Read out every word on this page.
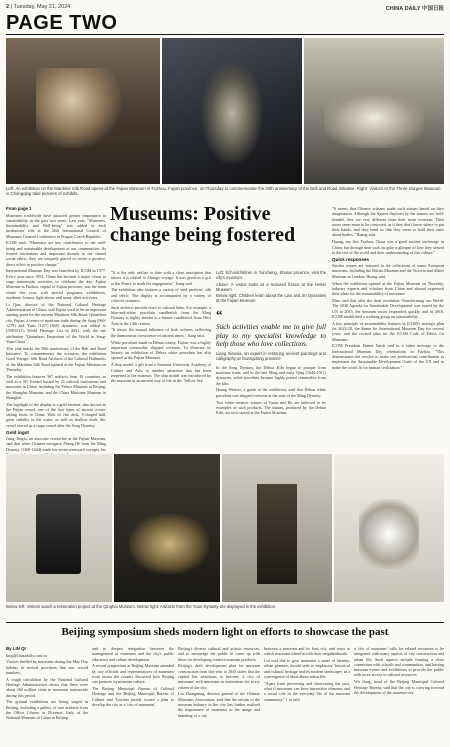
2 | Tuesday, May 21, 2024	CHINA DAILY 中国日报
PAGE TWO
Left: An exhibition on the Maritime Silk Road opens at the Fujian Museum in Fuzhou, Fujian province, on Thursday to commemorate the 30th anniversary of the Belt and Road Initiative. Right: Visitors to the Three Gorges Museum in Chongqing take pictures of exhibits.

From page 1

Museums worldwide have attracted greater importance to sustainability in the past two years. Last year, "Museums, Sustainability and Well-being" was added to each institutions' role at the 26th International Council of Museums General Conference in Prague, Czech Republic.

ICOM said: "Museums are key contributors to the well-being and sustainable development of our communities. As trusted institutions and important threads in our shared social fabric, they are uniquely placed to create a positive, direct effect in positive change."

International Museum Day was launched by ICOM in 1977. Every year since 1992, China has become a major venue to stage nationwide activities to celebrate the day. Fujian Museum in Fuzhou, capital of Fujian province, was the main venue this year, with special programs, exhibitions, academic forums, light shows and many other activities.

Li Qun, director of the National Cultural Heritage Administration of China, said Fujian used to be an important starting point for the ancient Maritime Silk Road. Quanzhou city, Fujian, a center of maritime trade during the Song (960-1279) and Yuan (1271-1368) dynasties, was added to UNESCO's World Heritage List in 2021, with the site attribution "Quanzhou: Emporium of the World in Song-Yuan China".

This year marks the 10th anniversary of the Belt and Road Initiative. To commemorate the occasion, the exhibition Good Voyage: Silk Road Artifacts of the Cultural Hallmarks of the Maritime Silk Road opened at the Fujian Museum on Thursday.

The exhibition features 367 artifacts from 16 countries, as well as a 3D Toward hosted by 21 cultural institutions and museums in China, including the Palace Museum in Beijing, the Shanghai Museum, and the China Maritime Museum in Shanghai.

The highlight of the display is a gold fastener, also known as the Fujian vessel, one of the first types of ancient ocean-sailing boats in China. With its flat deck, V-shaped hull, great stability in the water, as well as shallow draft, this vessel served as a cargo vessel after the Song Dynasty.

Gold ingot

Jiang Tingfa, an associate researcher at the Fujian Museum, said that when Chinese navigator Zheng He from the Ming Dynasty (1368-1644) made his seven westward voyages, his

Museums: Positive change being fostered

"It is the only artifact to date with a clear inscription that shows it is related to Zheng's voyage. It was given as a gift to the Prince to mark his engagement," Jiang said.

The exhibition also features a variety of 'mid-perform', silk and fabric. The display is accompanied by a variety of colorful ceramics.

Such artifacts provide clues to cultural links. For example, a blue-and-white porcelain candlestick from the Ming Dynasty is highly similar to a bronze candlestick from West Asia in the 14th century.

"It shows the mutual influence of both cultures, reflecting the harmonious coexistence of ancient times," Jiang said.

White porcelain made in Dehua county, Fujian, was a highly important commodity shipped overseas. To illustrate its history, an exhibition of Dehua white porcelain has also opened at the Fujian Museum.

A ship model, a gift from a Tanzania University Academy of Culture and Arts, is another attraction that has been reopened at the museum. The ship model was introduced by the museum as an ancient way of life in the 'Yellow Sea'.

Left: Schoolchildren in Yuncheng, Shanxi province, visit the city's museum.

Above: A visitor looks at a restored fresco at the Hebei Museum.

Below right: Children learn about the Liao and Jin Dynasties at the Fujian Museum.

“
Such activities enable me to give full play to my specialist knowledge to help those who love collections.
Liang Xiaoxia, an expert in restoring ancient paintings and calligraphy at Guangdong province

In the Song Dynasty, the Dehua Kiln began to prosper from maritime trade, and in the late Ming and early Qing (1644-1911) dynasties, white porcelain became highly prized commodity from the kiln.

Huang Weiwei, a guide at the exhibition, said that Dehua white porcelain was shipped overseas at the start of the Ming Dynasty.

Two white-ceramic statues of Guan and Bo are believed to be examples of such products. The statues, produced by the Dehua Kiln, are now stored at the Fujian Museum.

"It seems that Chinese artisans made such statues based on their imagination. Although the figures depicted by the statues are bald-headed, they are very different from their main overseas. Their noses seem more to be contorted, as if they don't know where to put their hands, and they bend so that they seem to hold their arms about bodies," Huang said.

Huang, my live Fuzhou, China was a good ancient anchorage in China, but through time took on quite a glimpse of how they sensed to the rest of the world and their understanding of this culture."

Quick responses

Similar scenes are featured in the collections of many European museums, including the British Museum and the Victoria and Albert Museum in London, Huang said.

When the exhibition opened at the Fujian Museum on Thursday, industry experts and scholars from China and abroad expressed their ideas for the sustainability of museums.

Zhao said that after the draft resolution 'Transforming our World: The 2030 Agenda for Sustainable Development' was issued by the UN in 2015, the museum sector responded quickly, and in 2019, ICOM established a working group on sustainability.

A key principle of sustainability features in ICOM's strategic plan for 2022-28, the theme for International Museum Day for several years, and the revised plan for the ICOM Code of Ethics for Museums.

ICOM President Emma Nardi said in a video message to the International Museum Day celebrations in Fuzhou, "This demonstrates the resolve to make our professional contribution to implement the Sustainable Development Goals of the UN and to make the world fit for human civilization."

Below left: Visitors watch a restoration project at the Qinghai Museum. Below right: Artifacts from the Yuan Dynasty are displayed in the exhibition.
Beijing symposium sheds modern light on efforts to showcase the past

By LIN QI

linqi@chinadaily.com.cn

Visitors thrilled by museums during the May Day holiday in several provinces that saw record numbers.

A rough calculation by the National Cultural Heritage Administration shows that there were about 260 million visits to museums nationwide during this period.

The ground exhibitions are being staged in Beijing, including a gallery of rare artifacts from the Office Library in Florence, Italy, at the National Museum of China in Beijing.

and to deepen integration between the management of museums and the city's public education and culture development.

A recent symposium at Beijing Museum attended by city officials and representatives of museums from across the country discussed how Beijing can promote its museum culture.

The Beijing Municipal Bureau of Cultural Heritage and the Beijing Municipal Bureau of Culture and Tourism jointly issued a plan to develop the city as a 'city of museums'.

Beijing's diverse cultural and artistic resources, and to encourage the public to come up with ideas for developing creative museum products.

Beijing's draft development plan for museum construction from this year to 2035 states that the capital has ambitions to become 'a city of museums' with museums as institutions for every citizen of the city.

Liu Zhongming, director general of the Chinese Museums Association, said that the reform to the museum industry in the city has further realized the importance of museums to the image and branding of a city.

between a museum and its host city, and ways to which museums blend in with their neighborhoods.

Liu said that to give museums a sense of identity, urban planners should seek to emphasize 'historical and cultural heritage and its modern landscapes' in a convergence of ideas about urban life.

"Apart from preserving and showcasing the past, what if museums can have interactive elements and a social role in the everyday life of the museum community," Liu said.

a 'city of museums' calls for related resources to be integrated with many aspects of city construction and urban life. Such aspects include forming a close connection with schools and communities, and hosting museum events and exhibitions to provide the public with more access to cultural resources.

Wu Jiang, head of the Beijing Municipal Cultural Heritage Bureau, said that the city is carrying forward the development of the museum city.
